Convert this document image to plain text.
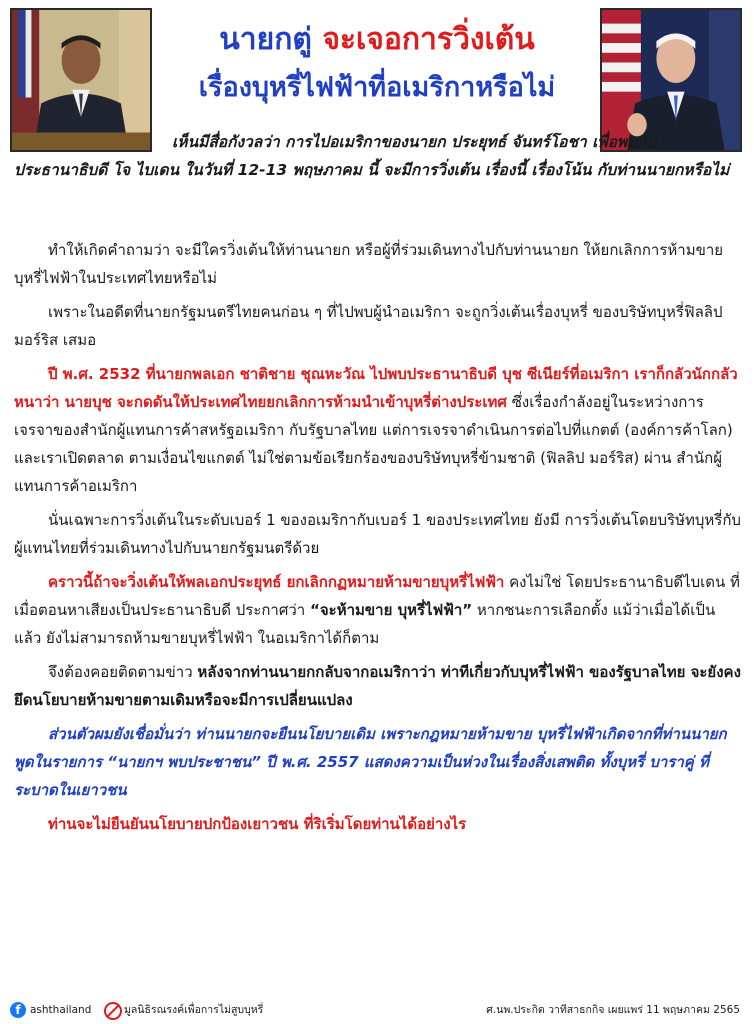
นายกตู่ จะเจอการวิ่งเต้น
เรื่องบุหรี่ไฟฟ้าที่อเมริกาหรือไม่
เห็นมีสื่อกังวลว่า การไปอเมริกาของนายก ประยุทธ์ จันทร์โอชา เพื่อพบกับประธานาธิบดี โจ ไบเดน ในวันที่ 12-13 พฤษภาคม นี้ จะมีการวิ่งเต้น เรื่องนี้ เรื่องโน้น กับท่านนายกหรือไม่

ทำให้เกิดคำถามว่า จะมีใครวิ่งเต้นให้ท่านนายก หรือผู้ที่ร่วมเดินทางไปกับท่านนายก ให้ยกเลิกการห้ามขายบุหรี่ไฟฟ้าในประเทศไทยหรือไม่

เพราะในอดีตที่นายกรัฐมนตรีไทยคนก่อน ๆ ที่ไปพบผู้นำอเมริกา จะถูกวิ่งเต้นเรื่องบุหรี่ ของบริษัทบุหรี่ฟิลลิป มอร์ริส เสมอ

ปี พ.ศ. 2532 ที่นายกพลเอก ชาติชาย ชุณหะวัณ ไปพบประธานาธิบดี บุช ซีเนียร์ที่อเมริกา เราก็กลัวนักกลัวหนาว่า นายบุช จะกดดันให้ประเทศไทยยกเลิกการห้ามนำเข้าบุหรี่ต่างประเทศ ซึ่งเรื่องกำลังอยู่ในระหว่างการเจรจาของสำนักผู้แทนการค้าสหรัฐอเมริกา กับรัฐบาลไทย แต่การเจรจาดำเนินการต่อไปที่แกตต์ (องค์การค้าโลก) และเราเปิดตลาด ตามเงื่อนไขแกตต์ ไม่ใช่ตามข้อเรียกร้องของบริษัทบุหรี่ข้ามชาติ (ฟิลลิป มอร์ริส) ผ่าน สำนักผู้แทนการค้าอเมริกา

นั่นเฉพาะการวิ่งเต้นในระดับเบอร์ 1 ของอเมริกากับเบอร์ 1 ของประเทศไทย ยังมี การวิ่งเต้นโดยบริษัทบุหรี่กับผู้แทนไทยที่ร่วมเดินทางไปกับนายกรัฐมนตรีด้วย

คราวนี้ถ้าจะวิ่งเต้นให้พลเอกประยุทธ์ ยกเลิกกฏหมายห้ามขายบุหรี่ไฟฟ้า คงไม่ใช่ โดยประธานาธิบดีไบเดน ที่เมื่อตอนหาเสียงเป็นประธานาธิบดี ประกาศว่า “จะห้ามขาย บุหรี่ไฟฟ้า” หากชนะการเลือกตั้ง แม้ว่าเมื่อได้เป็นแล้ว ยังไม่สามารถห้ามขายบุหรี่ไฟฟ้า ในอเมริกาได้ก็ตาม

จึงต้องคอยติดตามข่าว หลังจากท่านนายกกลับจากอเมริกาว่า ท่าทีเกี่ยวกับบุหรี่ไฟฟ้า ของรัฐบาลไทย จะยังคงยึดนโยบายห้ามขายตามเดิมหรือจะมีการเปลี่ยนแปลง

ส่วนตัวผมยังเชื่อมั่นว่า ท่านนายกจะยืนนโยบายเดิม เพราะกฎหมายห้ามขาย บุหรี่ไฟฟ้าเกิดจากที่ท่านนายก พูดในรายการ “นายกฯ พบประชาชน” ปี พ.ศ. 2557 แสดงความเป็นห่วงในเรื่องสิ่งเสพติด ทั้งบุหรี่ บาราคู่ ที่ระบาดในเยาวชน

ท่านจะไม่ยืนยันนโยบายปกป้องเยาวชน ที่ริเริ่มโดยท่านได้อย่างไร

f ashthailand	มูลนิธิรณรงค์เพื่อการไม่สูบบุหรี่	ศ.นพ.ประกิต วาทีสาธกกิจ เผยแพร่ 11 พฤษภาคม 2565
